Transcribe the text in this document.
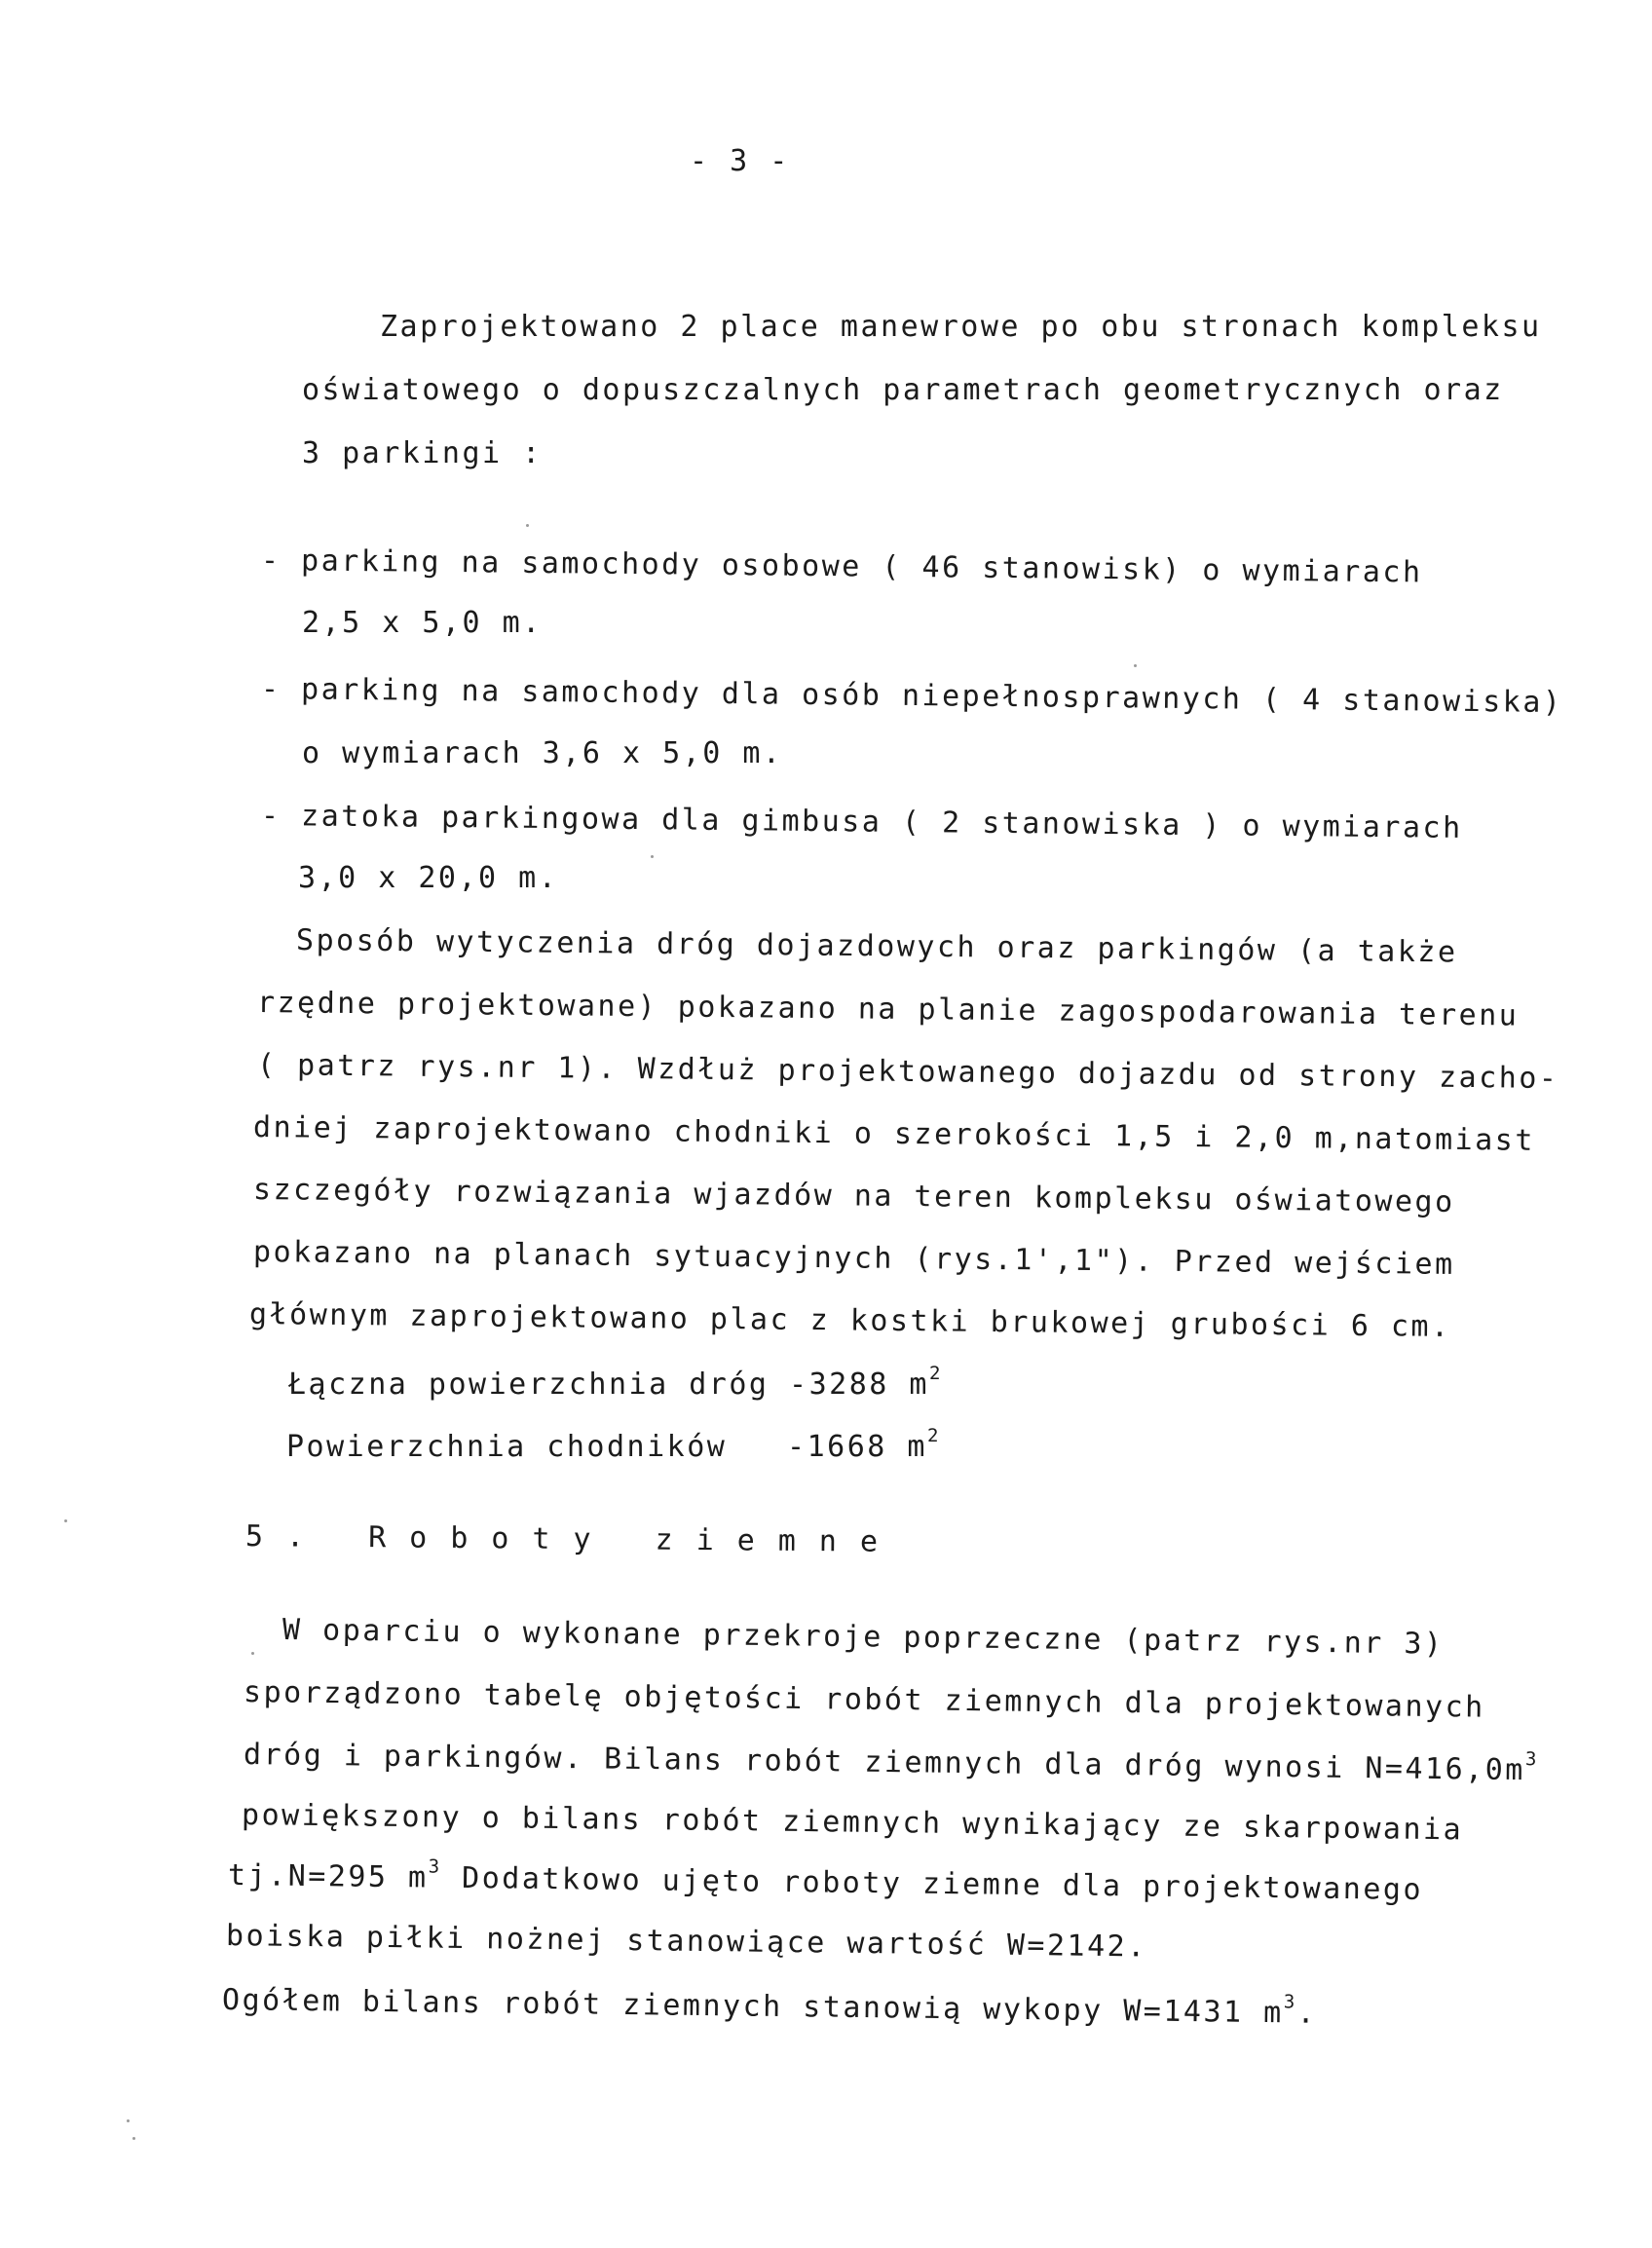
- 3 -
Zaprojektowano 2 place manewrowe po obu stronach kompleksu
oświatowego o dopuszczalnych parametrach geometrycznych oraz
3 parkingi :
- parking na samochody osobowe ( 46 stanowisk) o wymiarach
2,5 x 5,0 m.
- parking na samochody dla osób niepełnosprawnych ( 4 stanowiska)
o wymiarach 3,6 x 5,0 m.
- zatoka parkingowa dla gimbusa ( 2 stanowiska ) o wymiarach
3,0 x 20,0 m.
Sposób wytyczenia dróg dojazdowych oraz parkingów (a także
rzędne projektowane) pokazano na planie zagospodarowania terenu
( patrz rys.nr 1). Wzdłuż projektowanego dojazdu od strony zacho-
dniej zaprojektowano chodniki o szerokości 1,5 i 2,0 m,natomiast
szczegóły rozwiązania wjazdów na teren kompleksu oświatowego
pokazano na planach sytuacyjnych (rys.1',1"). Przed wejściem
głównym zaprojektowano plac z kostki brukowej grubości 6 cm.
Łączna powierzchnia dróg -3288 $m^2$
Powierzchnia chodników -1668 $m^2$
5. Roboty ziemne
W oparciu o wykonane przekroje poprzeczne (patrz rys.nr 3)
sporządzono tabelę objętości robót ziemnych dla projektowanych
dróg i parkingów. Bilans robót ziemnych dla dróg wynosi $N=416,0m^3$
powiększony o bilans robót ziemnych wynikający ze skarpowania
tj.N=295 $m^3$ Dodatkowo ujęto roboty ziemne dla projektowanego
boiska piłki nożnej stanowiące wartość W=2142.
Ogółem bilans robót ziemnych stanowią wykopy W=1431 $m^3$.
